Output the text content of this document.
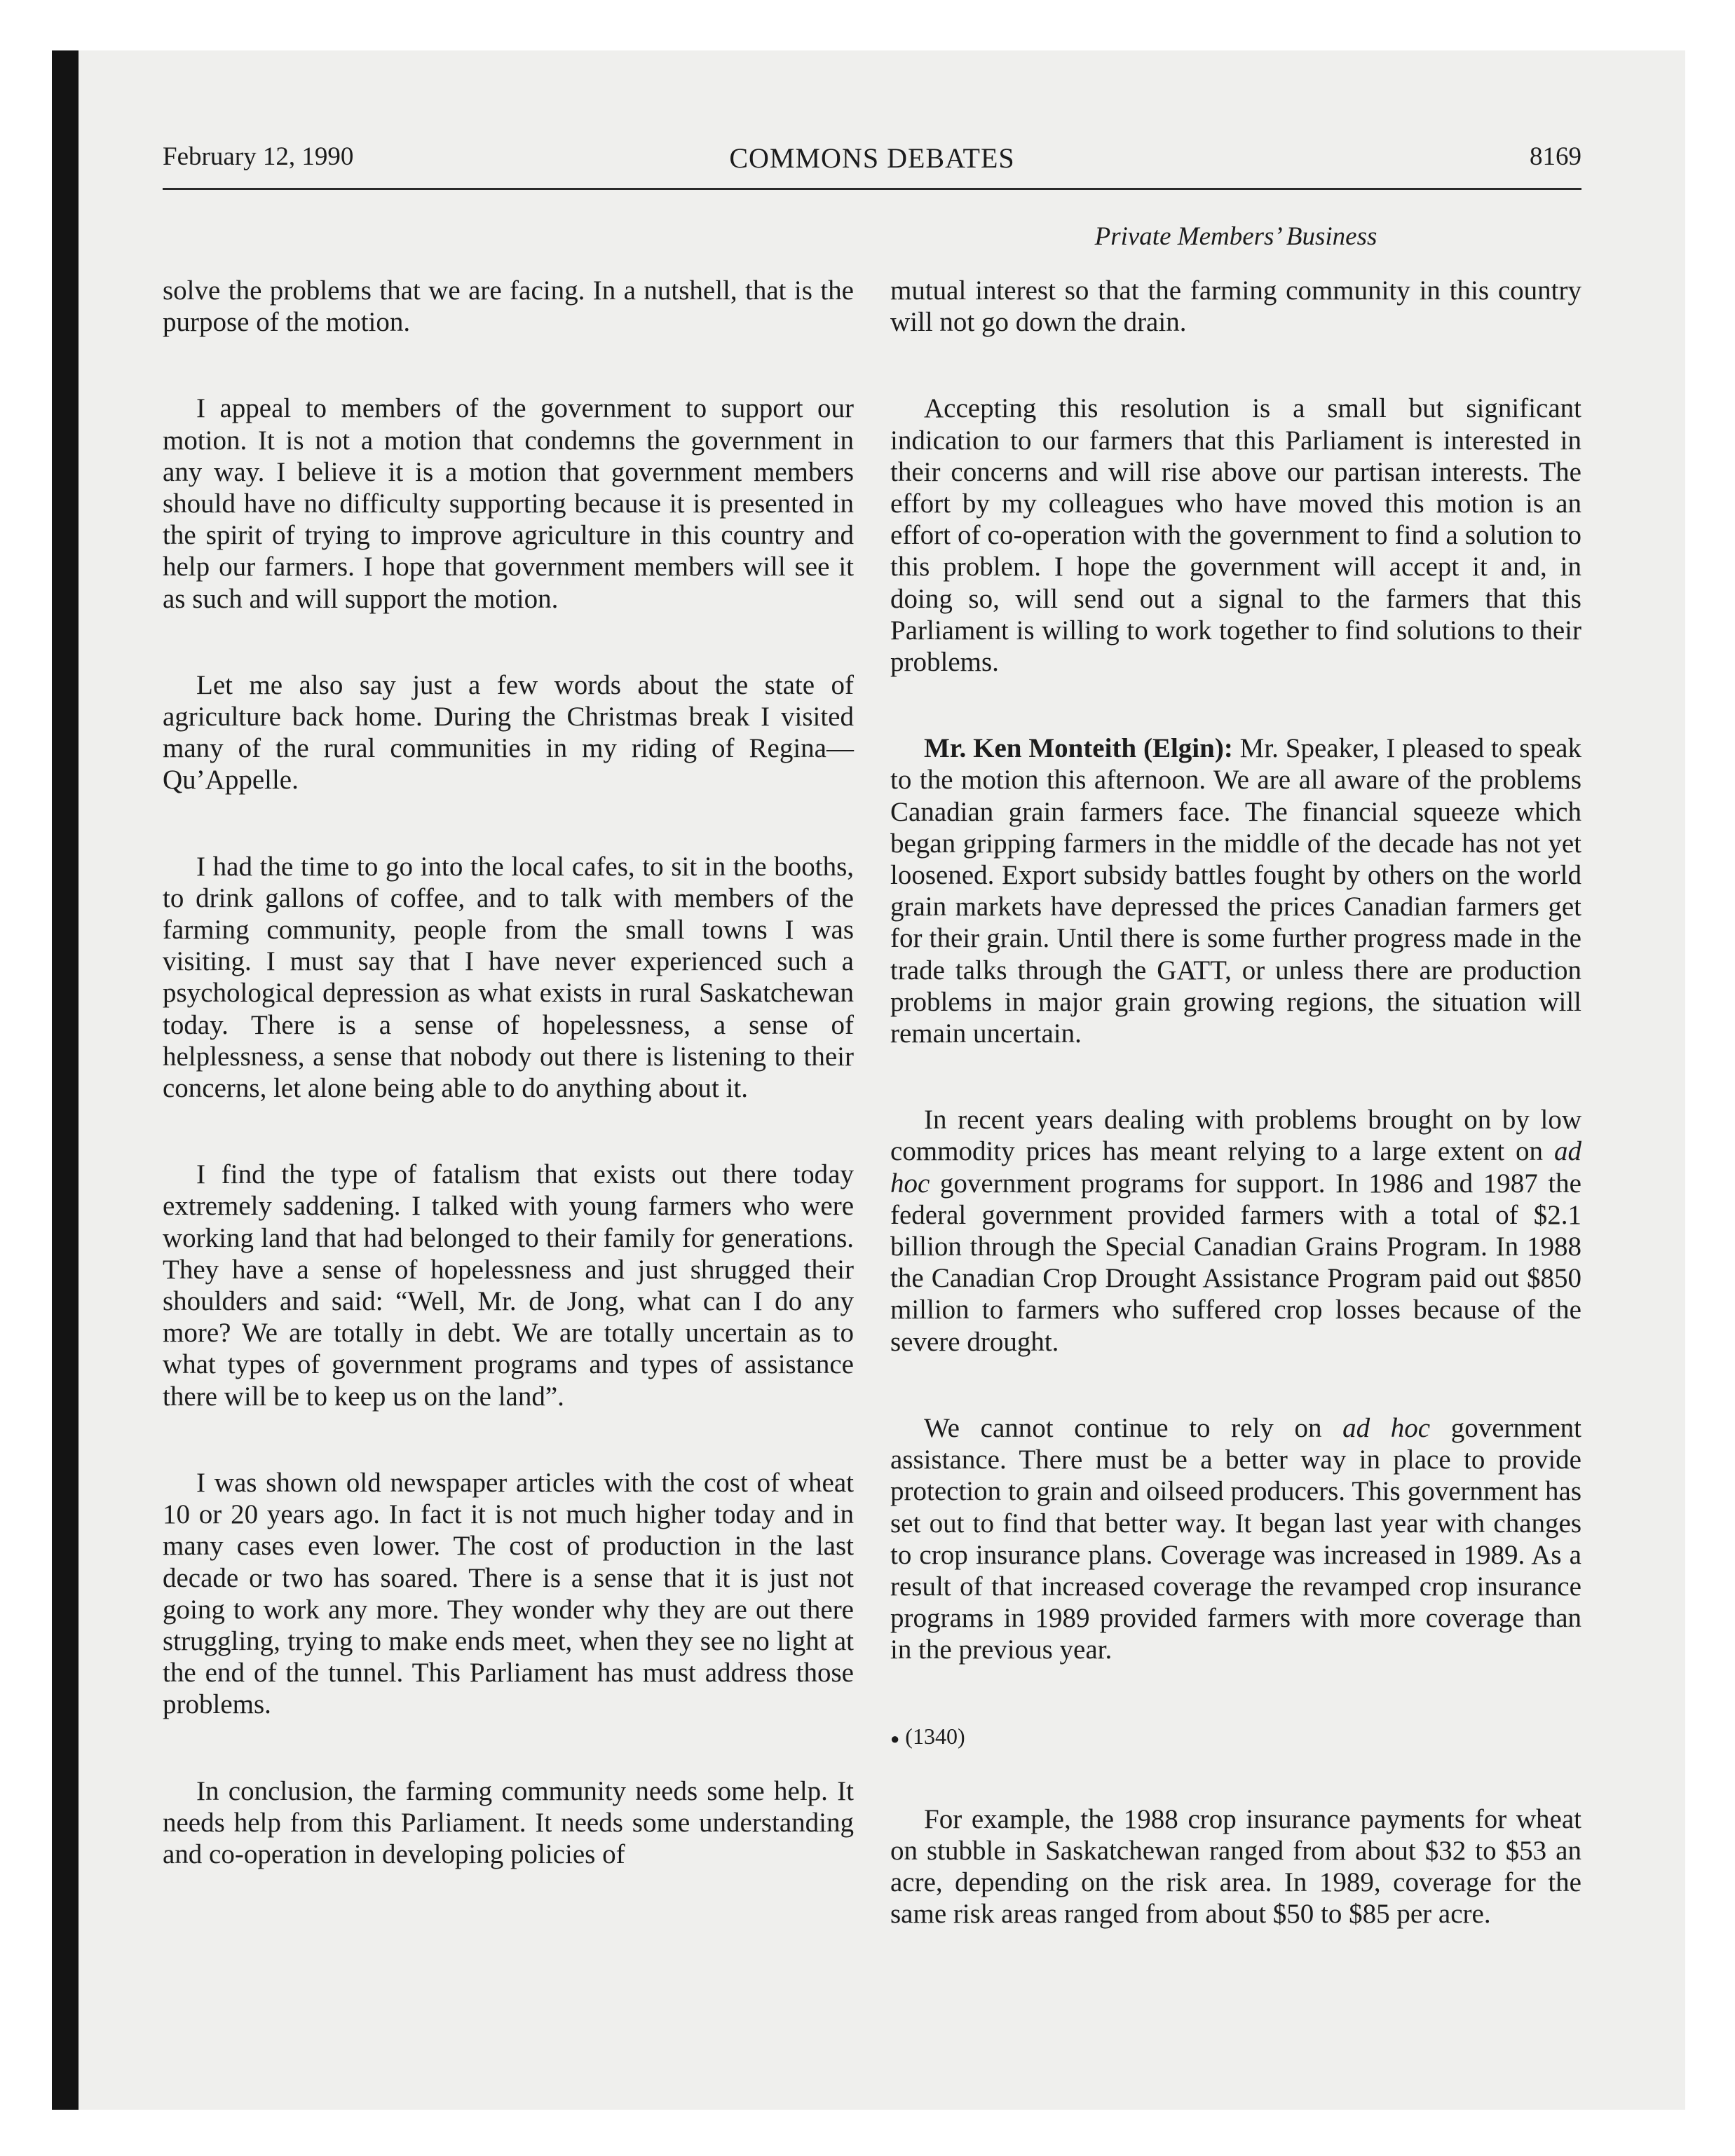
February 12, 1990	COMMONS DEBATES	8169
Private Members’ Business

solve the problems that we are facing. In a nutshell, that is the purpose of the motion.

I appeal to members of the government to support our motion. It is not a motion that condemns the government in any way. I believe it is a motion that government members should have no difficulty supporting because it is presented in the spirit of trying to improve agriculture in this country and help our farmers. I hope that government members will see it as such and will support the motion.

Let me also say just a few words about the state of agriculture back home. During the Christmas break I visited many of the rural communities in my riding of Regina—Qu’Appelle.

I had the time to go into the local cafes, to sit in the booths, to drink gallons of coffee, and to talk with members of the farming community, people from the small towns I was visiting. I must say that I have never experienced such a psychological depression as what exists in rural Saskatchewan today. There is a sense of hopelessness, a sense of helplessness, a sense that nobody out there is listening to their concerns, let alone being able to do anything about it.

I find the type of fatalism that exists out there today extremely saddening. I talked with young farmers who were working land that had belonged to their family for generations. They have a sense of hopelessness and just shrugged their shoulders and said: “Well, Mr. de Jong, what can I do any more? We are totally in debt. We are totally uncertain as to what types of government programs and types of assistance there will be to keep us on the land”.

I was shown old newspaper articles with the cost of wheat 10 or 20 years ago. In fact it is not much higher today and in many cases even lower. The cost of production in the last decade or two has soared. There is a sense that it is just not going to work any more. They wonder why they are out there struggling, trying to make ends meet, when they see no light at the end of the tunnel. This Parliament has must address those problems.

In conclusion, the farming community needs some help. It needs help from this Parliament. It needs some understanding and co-operation in developing policies of

mutual interest so that the farming community in this country will not go down the drain.

Accepting this resolution is a small but significant indication to our farmers that this Parliament is interested in their concerns and will rise above our partisan interests. The effort by my colleagues who have moved this motion is an effort of co-operation with the government to find a solution to this problem. I hope the government will accept it and, in doing so, will send out a signal to the farmers that this Parliament is willing to work together to find solutions to their problems.

Mr. Ken Monteith (Elgin): Mr. Speaker, I pleased to speak to the motion this afternoon. We are all aware of the problems Canadian grain farmers face. The financial squeeze which began gripping farmers in the middle of the decade has not yet loosened. Export subsidy battles fought by others on the world grain markets have depressed the prices Canadian farmers get for their grain. Until there is some further progress made in the trade talks through the GATT, or unless there are production problems in major grain growing regions, the situation will remain uncertain.

In recent years dealing with problems brought on by low commodity prices has meant relying to a large extent on ad hoc government programs for support. In 1986 and 1987 the federal government provided farmers with a total of $2.1 billion through the Special Canadian Grains Program. In 1988 the Canadian Crop Drought Assistance Program paid out $850 million to farmers who suffered crop losses because of the severe drought.

We cannot continue to rely on ad hoc government assistance. There must be a better way in place to provide protection to grain and oilseed producers. This government has set out to find that better way. It began last year with changes to crop insurance plans. Coverage was increased in 1989. As a result of that increased coverage the revamped crop insurance programs in 1989 provided farmers with more coverage than in the previous year.

● (1340)

For example, the 1988 crop insurance payments for wheat on stubble in Saskatchewan ranged from about $32 to $53 an acre, depending on the risk area. In 1989, coverage for the same risk areas ranged from about $50 to $85 per acre.
